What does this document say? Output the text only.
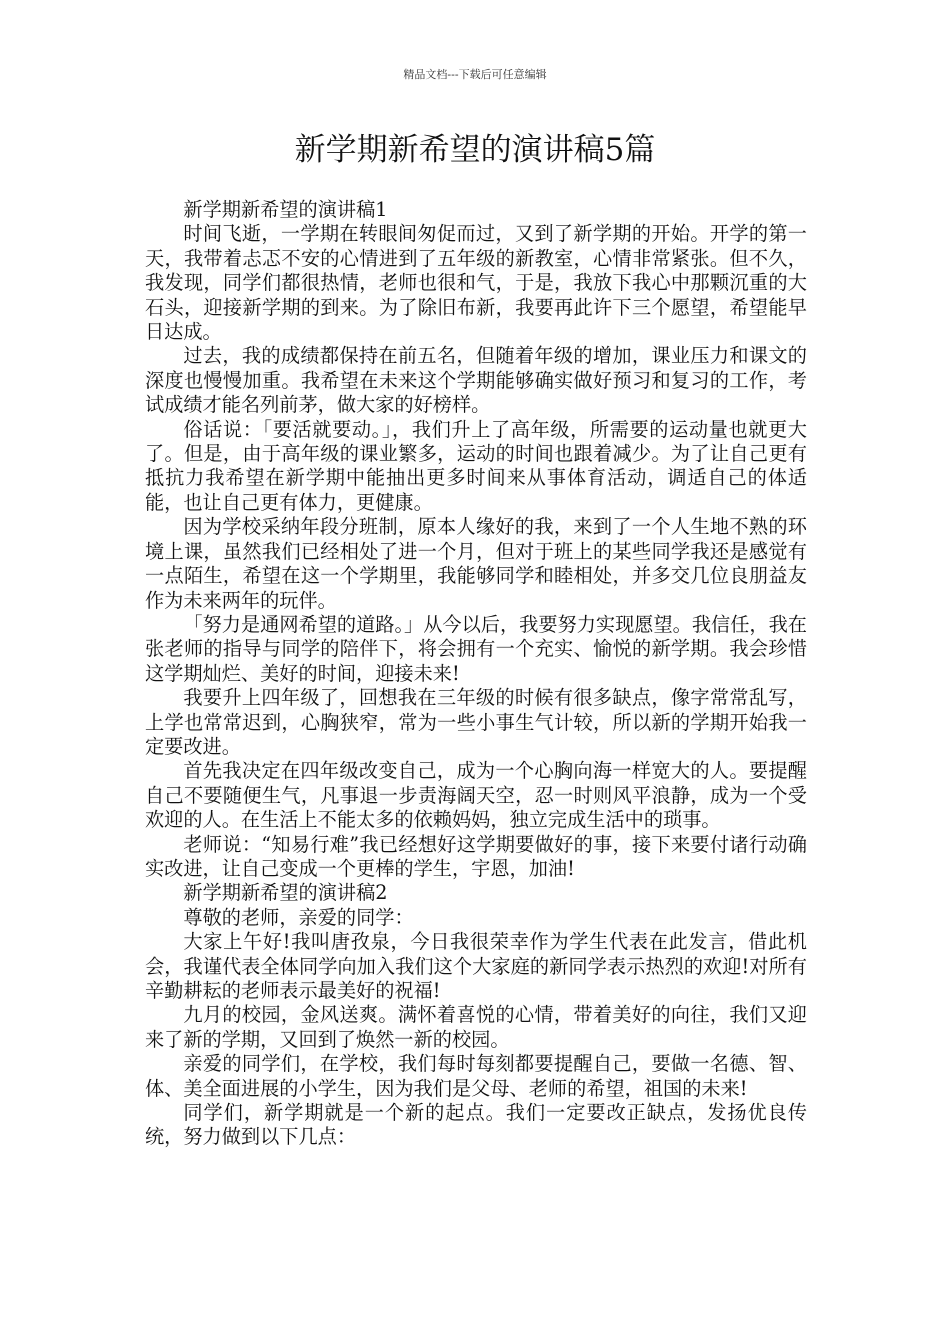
精品文档---下载后可任意编辑
新学期新希望的演讲稿5篇

新学期新希望的演讲稿1

时间飞逝，一学期在转眼间匆促而过，又到了新学期的开始。开学的第一天，我带着忐忑不安的心情进到了五年级的新教室，心情非常紧张。但不久，我发现，同学们都很热情，老师也很和气，于是，我放下我心中那颗沉重的大石头，迎接新学期的到来。为了除旧布新，我要再此许下三个愿望，希望能早日达成。

过去，我的成绩都保持在前五名，但随着年级的增加，课业压力和课文的深度也慢慢加重。我希望在未来这个学期能够确实做好预习和复习的工作，考试成绩才能名列前茅，做大家的好榜样。

俗话说：「要活就要动。」，我们升上了高年级，所需要的运动量也就更大了。但是，由于高年级的课业繁多，运动的时间也跟着减少。为了让自己更有抵抗力我希望在新学期中能抽出更多时间来从事体育活动，调适自己的体适能，也让自己更有体力，更健康。

因为学校采纳年段分班制，原本人缘好的我，来到了一个人生地不熟的环境上课，虽然我们已经相处了进一个月，但对于班上的某些同学我还是感觉有一点陌生，希望在这一个学期里，我能够同学和睦相处，并多交几位良朋益友作为未来两年的玩伴。

「努力是通网希望的道路。」从今以后，我要努力实现愿望。我信任，我在张老师的指导与同学的陪伴下，将会拥有一个充实、愉悦的新学期。我会珍惜这学期灿烂、美好的时间，迎接未来!

我要升上四年级了，回想我在三年级的时候有很多缺点，像字常常乱写，上学也常常迟到，心胸狭窄，常为一些小事生气计较，所以新的学期开始我一定要改进。

首先我决定在四年级改变自己，成为一个心胸向海一样宽大的人。要提醒自己不要随便生气，凡事退一步责海阔天空，忍一时则风平浪静，成为一个受欢迎的人。在生活上不能太多的依赖妈妈，独立完成生活中的琐事。

老师说：“知易行难”我已经想好这学期要做好的事，接下来要付诸行动确实改进，让自己变成一个更棒的学生，宇恩，加油!

新学期新希望的演讲稿2

尊敬的老师，亲爱的同学：

大家上午好!我叫唐孜泉，今日我很荣幸作为学生代表在此发言，借此机会，我谨代表全体同学向加入我们这个大家庭的新同学表示热烈的欢迎!对所有辛勤耕耘的老师表示最美好的祝福!

九月的校园，金风送爽。满怀着喜悦的心情，带着美好的向往，我们又迎来了新的学期，又回到了焕然一新的校园。

亲爱的同学们，在学校，我们每时每刻都要提醒自己，要做一名德、智、体、美全面进展的小学生，因为我们是父母、老师的希望，祖国的未来!

同学们，新学期就是一个新的起点。我们一定要改正缺点，发扬优良传统，努力做到以下几点：
